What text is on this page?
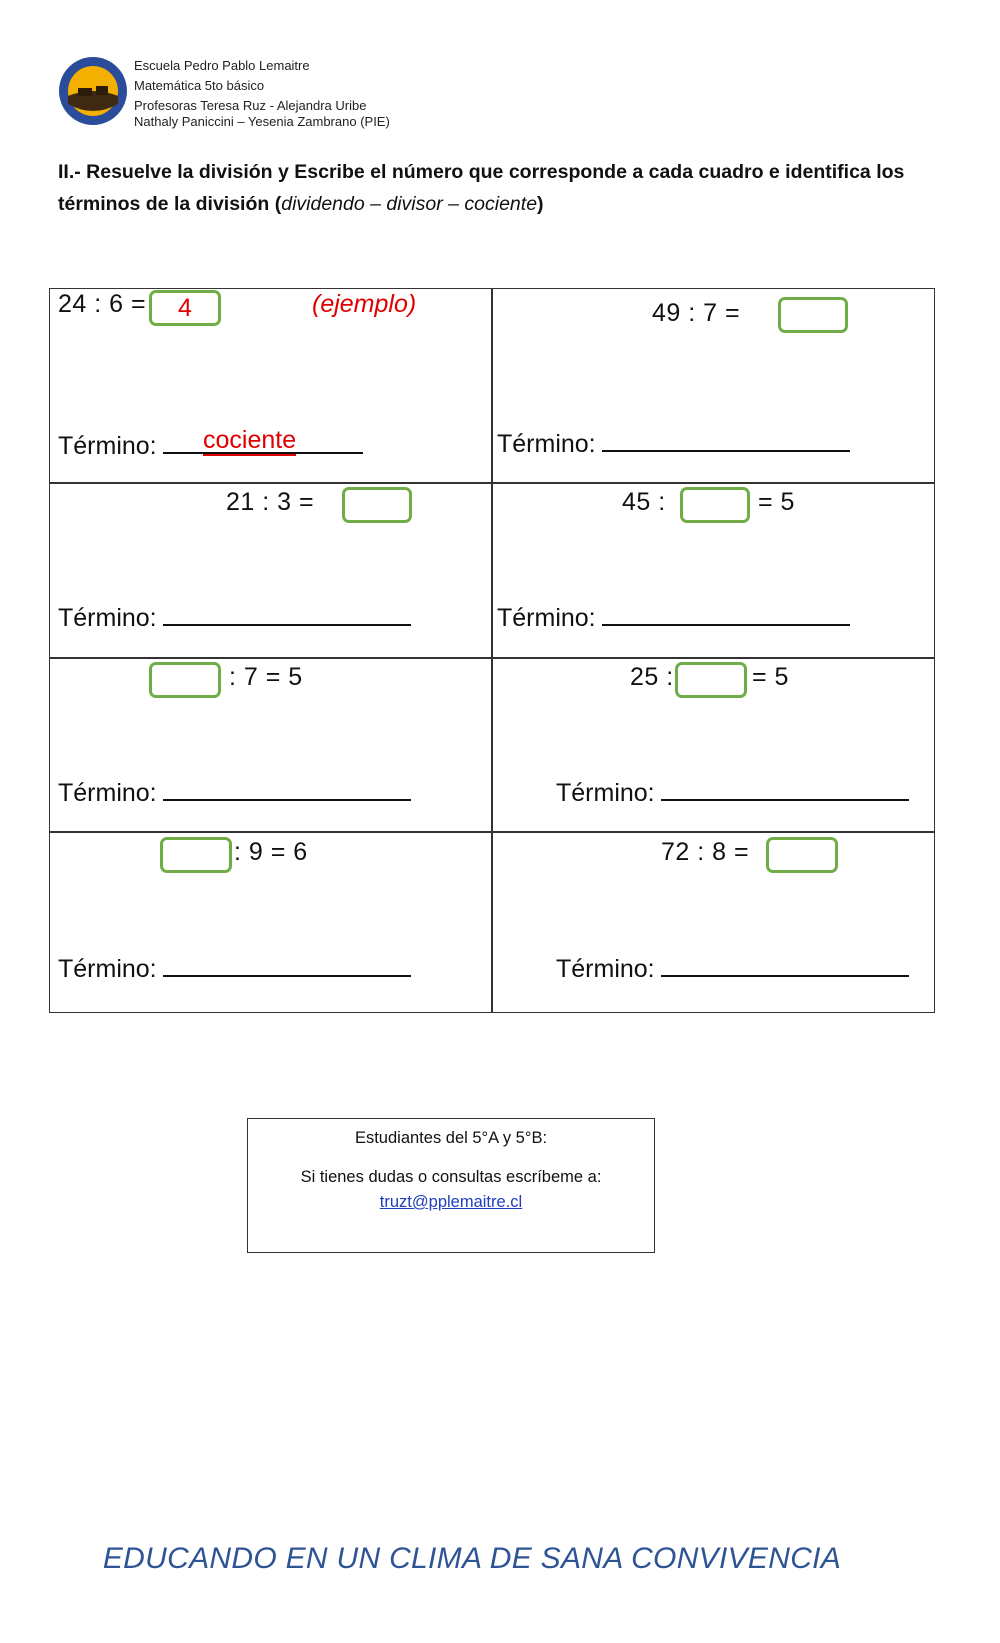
Escuela Pedro Pablo Lemaitre
Matemática 5to básico
Profesoras Teresa Ruz - Alejandra Uribe
Nathaly Paniccini – Yesenia Zambrano (PIE)
II.- Resuelve la división y Escribe el número que corresponde a cada cuadro e identifica los términos de la división (dividendo – divisor – cociente)
24 : 6 = 4	(ejemplo)
Término: cociente
49 : 7 =
Término:
21 : 3 =
Término:
45 :	= 5
Término:
: 7 = 5
Término:
25 :	= 5
Término:
: 9 = 6
Término:
72 : 8 =
Término:
Estudiantes del 5°A y 5°B:
Si tienes dudas o consultas escríbeme a:
truzt@pplemaitre.cl
EDUCANDO EN UN CLIMA DE SANA CONVIVENCIA
